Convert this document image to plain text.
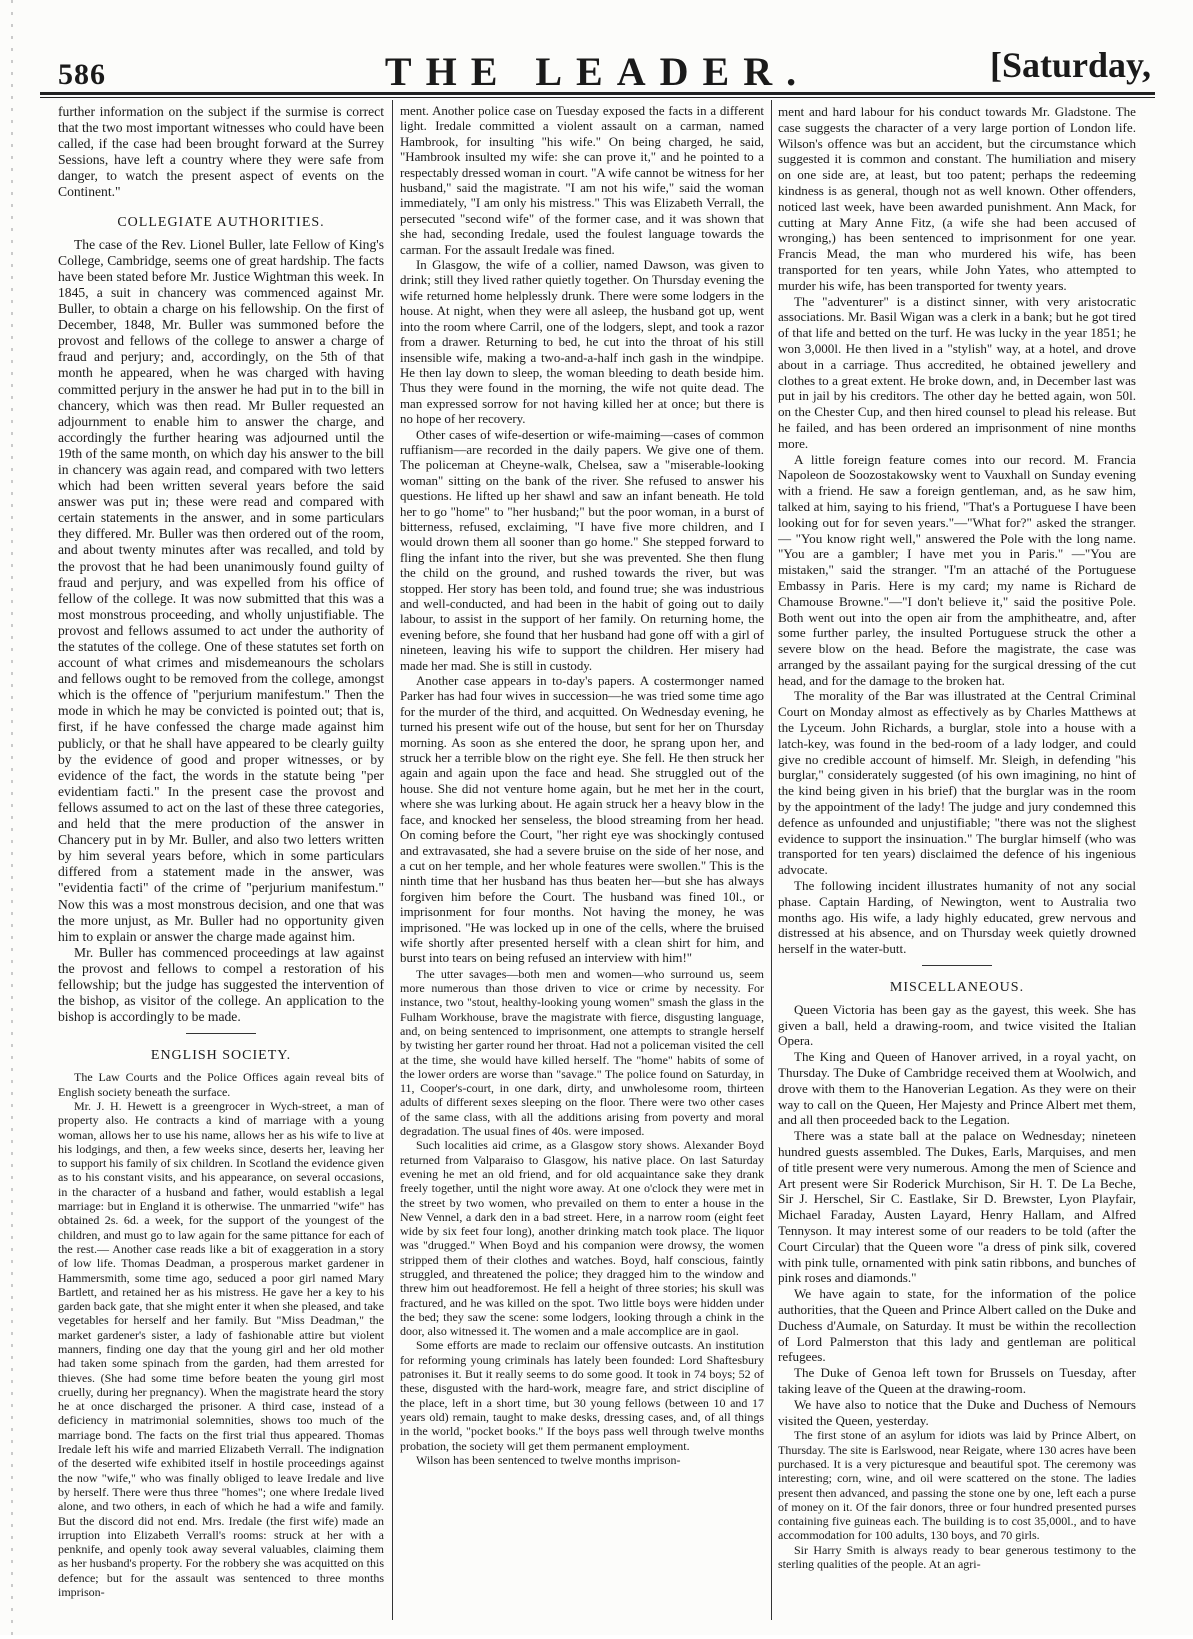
586	THE LEADER.	[Saturday,

further information on the subject if the surmise is correct that the two most important witnesses who could have been called, if the case had been brought forward at the Surrey Sessions, have left a country where they were safe from danger, to watch the present aspect of events on the Continent."

COLLEGIATE AUTHORITIES.

The case of the Rev. Lionel Buller, late Fellow of King's College, Cambridge, seems one of great hardship. The facts have been stated before Mr. Justice Wightman this week. In 1845, a suit in chancery was commenced against Mr. Buller, to obtain a charge on his fellowship. On the first of December, 1848, Mr. Buller was summoned before the provost and fellows of the college to answer a charge of fraud and perjury; and, accordingly, on the 5th of that month he appeared, when he was charged with having committed perjury in the answer he had put in to the bill in chancery, which was then read. Mr Buller requested an adjournment to enable him to answer the charge, and accordingly the further hearing was adjourned until the 19th of the same month, on which day his answer to the bill in chancery was again read, and compared with two letters which had been written several years before the said answer was put in; these were read and compared with certain statements in the answer, and in some particulars they differed. Mr. Buller was then ordered out of the room, and about twenty minutes after was recalled, and told by the provost that he had been unanimously found guilty of fraud and perjury, and was expelled from his office of fellow of the college. It was now submitted that this was a most monstrous proceeding, and wholly unjustifiable. The provost and fellows assumed to act under the authority of the statutes of the college. One of these statutes set forth on account of what crimes and misdemeanours the scholars and fellows ought to be removed from the college, amongst which is the offence of "perjurium manifestum." Then the mode in which he may be convicted is pointed out; that is, first, if he have confessed the charge made against him publicly, or that he shall have appeared to be clearly guilty by the evidence of good and proper witnesses, or by evidence of the fact, the words in the statute being "per evidentiam facti." In the present case the provost and fellows assumed to act on the last of these three categories, and held that the mere production of the answer in Chancery put in by Mr. Buller, and also two letters written by him several years before, which in some particulars differed from a statement made in the answer, was "evidentia facti" of the crime of "perjurium manifestum." Now this was a most monstrous decision, and one that was the more unjust, as Mr. Buller had no opportunity given him to explain or answer the charge made against him.

Mr. Buller has commenced proceedings at law against the provost and fellows to compel a restoration of his fellowship; but the judge has suggested the intervention of the bishop, as visitor of the college. An application to the bishop is accordingly to be made.

ENGLISH SOCIETY.

The Law Courts and the Police Offices again reveal bits of English society beneath the surface.

Mr. J. H. Hewett is a greengrocer in Wych-street, a man of property also. He contracts a kind of marriage with a young woman, allows her to use his name, allows her as his wife to live at his lodgings, and then, a few weeks since, deserts her, leaving her to support his family of six children. In Scotland the evidence given as to his constant visits, and his appearance, on several occasions, in the character of a husband and father, would establish a legal marriage: but in England it is otherwise. The unmarried "wife" has obtained 2s. 6d. a week, for the support of the youngest of the children, and must go to law again for the same pittance for each of the rest.— Another case reads like a bit of exaggeration in a story of low life. Thomas Deadman, a prosperous market gardener in Hammersmith, some time ago, seduced a poor girl named Mary Bartlett, and retained her as his mistress. He gave her a key to his garden back gate, that she might enter it when she pleased, and take vegetables for herself and her family. But "Miss Deadman," the market gardener's sister, a lady of fashionable attire but violent manners, finding one day that the young girl and her old mother had taken some spinach from the garden, had them arrested for thieves. (She had some time before beaten the young girl most cruelly, during her pregnancy). When the magistrate heard the story he at once discharged the prisoner. A third case, instead of a deficiency in matrimonial solemnities, shows too much of the marriage bond. The facts on the first trial thus appeared. Thomas Iredale left his wife and married Elizabeth Verrall. The indignation of the deserted wife exhibited itself in hostile proceedings against the now "wife," who was finally obliged to leave Iredale and live by herself. There were thus three "homes"; one where Iredale lived alone, and two others, in each of which he had a wife and family. But the discord did not end. Mrs. Iredale (the first wife) made an irruption into Elizabeth Verrall's rooms: struck at her with a penknife, and openly took away several valuables, claiming them as her husband's property. For the robbery she was acquitted on this defence; but for the assault was sentenced to three months imprison-

ment. Another police case on Tuesday exposed the facts in a different light. Iredale committed a violent assault on a carman, named Hambrook, for insulting "his wife." On being charged, he said, "Hambrook insulted my wife: she can prove it," and he pointed to a respectably dressed woman in court. "A wife cannot be witness for her husband," said the magistrate. "I am not his wife," said the woman immediately, "I am only his mistress." This was Elizabeth Verrall, the persecuted "second wife" of the former case, and it was shown that she had, seconding Iredale, used the foulest language towards the carman. For the assault Iredale was fined.

In Glasgow, the wife of a collier, named Dawson, was given to drink; still they lived rather quietly together. On Thursday evening the wife returned home helplessly drunk. There were some lodgers in the house. At night, when they were all asleep, the husband got up, went into the room where Carril, one of the lodgers, slept, and took a razor from a drawer. Returning to bed, he cut into the throat of his still insensible wife, making a two-and-a-half inch gash in the windpipe. He then lay down to sleep, the woman bleeding to death beside him. Thus they were found in the morning, the wife not quite dead. The man expressed sorrow for not having killed her at once; but there is no hope of her recovery.

Other cases of wife-desertion or wife-maiming—cases of common ruffianism—are recorded in the daily papers. We give one of them. The policeman at Cheyne-walk, Chelsea, saw a "miserable-looking woman" sitting on the bank of the river. She refused to answer his questions. He lifted up her shawl and saw an infant beneath. He told her to go "home" to "her husband;" but the poor woman, in a burst of bitterness, refused, exclaiming, "I have five more children, and I would drown them all sooner than go home." She stepped forward to fling the infant into the river, but she was prevented. She then flung the child on the ground, and rushed towards the river, but was stopped. Her story has been told, and found true; she was industrious and well-conducted, and had been in the habit of going out to daily labour, to assist in the support of her family. On returning home, the evening before, she found that her husband had gone off with a girl of nineteen, leaving his wife to support the children. Her misery had made her mad. She is still in custody.

Another case appears in to-day's papers. A costermonger named Parker has had four wives in succession—he was tried some time ago for the murder of the third, and acquitted. On Wednesday evening, he turned his present wife out of the house, but sent for her on Thursday morning. As soon as she entered the door, he sprang upon her, and struck her a terrible blow on the right eye. She fell. He then struck her again and again upon the face and head. She struggled out of the house. She did not venture home again, but he met her in the court, where she was lurking about. He again struck her a heavy blow in the face, and knocked her senseless, the blood streaming from her head. On coming before the Court, "her right eye was shockingly contused and extravasated, she had a severe bruise on the side of her nose, and a cut on her temple, and her whole features were swollen." This is the ninth time that her husband has thus beaten her—but she has always forgiven him before the Court. The husband was fined 10l., or imprisonment for four months. Not having the money, he was imprisoned. "He was locked up in one of the cells, where the bruised wife shortly after presented herself with a clean shirt for him, and burst into tears on being refused an interview with him!"

The utter savages—both men and women—who surround us, seem more numerous than those driven to vice or crime by necessity. For instance, two "stout, healthy-looking young women" smash the glass in the Fulham Workhouse, brave the magistrate with fierce, disgusting language, and, on being sentenced to imprisonment, one attempts to strangle herself by twisting her garter round her throat. Had not a policeman visited the cell at the time, she would have killed herself. The "home" habits of some of the lower orders are worse than "savage." The police found on Saturday, in 11, Cooper's-court, in one dark, dirty, and unwholesome room, thirteen adults of different sexes sleeping on the floor. There were two other cases of the same class, with all the additions arising from poverty and moral degradation. The usual fines of 40s. were imposed.

Such localities aid crime, as a Glasgow story shows. Alexander Boyd returned from Valparaiso to Glasgow, his native place. On last Saturday evening he met an old friend, and for old acquaintance sake they drank freely together, until the night wore away. At one o'clock they were met in the street by two women, who prevailed on them to enter a house in the New Vennel, a dark den in a bad street. Here, in a narrow room (eight feet wide by six feet four long), another drinking match took place. The liquor was "drugged." When Boyd and his companion were drowsy, the women stripped them of their clothes and watches. Boyd, half conscious, faintly struggled, and threatened the police; they dragged him to the window and threw him out headforemost. He fell a height of three stories; his skull was fractured, and he was killed on the spot. Two little boys were hidden under the bed; they saw the scene: some lodgers, looking through a chink in the door, also witnessed it. The women and a male accomplice are in gaol.

Some efforts are made to reclaim our offensive outcasts. An institution for reforming young criminals has lately been founded: Lord Shaftesbury patronises it. But it really seems to do some good. It took in 74 boys; 52 of these, disgusted with the hard-work, meagre fare, and strict discipline of the place, left in a short time, but 30 young fellows (between 10 and 17 years old) remain, taught to make desks, dressing cases, and, of all things in the world, "pocket books." If the boys pass well through twelve months probation, the society will get them permanent employment.

Wilson has been sentenced to twelve months imprison-

ment and hard labour for his conduct towards Mr. Gladstone. The case suggests the character of a very large portion of London life. Wilson's offence was but an accident, but the circumstance which suggested it is common and constant. The humiliation and misery on one side are, at least, but too patent; perhaps the redeeming kindness is as general, though not as well known. Other offenders, noticed last week, have been awarded punishment. Ann Mack, for cutting at Mary Anne Fitz, (a wife she had been accused of wronging,) has been sentenced to imprisonment for one year. Francis Mead, the man who murdered his wife, has been transported for ten years, while John Yates, who attempted to murder his wife, has been transported for twenty years.

The "adventurer" is a distinct sinner, with very aristocratic associations. Mr. Basil Wigan was a clerk in a bank; but he got tired of that life and betted on the turf. He was lucky in the year 1851; he won 3,000l. He then lived in a "stylish" way, at a hotel, and drove about in a carriage. Thus accredited, he obtained jewellery and clothes to a great extent. He broke down, and, in December last was put in jail by his creditors. The other day he betted again, won 50l. on the Chester Cup, and then hired counsel to plead his release. But he failed, and has been ordered an imprisonment of nine months more.

A little foreign feature comes into our record. M. Francia Napoleon de Soozostakowsky went to Vauxhall on Sunday evening with a friend. He saw a foreign gentleman, and, as he saw him, talked at him, saying to his friend, "That's a Portuguese I have been looking out for for seven years."—"What for?" asked the stranger.— "You know right well," answered the Pole with the long name. "You are a gambler; I have met you in Paris." —"You are mistaken," said the stranger. "I'm an attaché of the Portuguese Embassy in Paris. Here is my card; my name is Richard de Chamouse Browne."—"I don't believe it," said the positive Pole. Both went out into the open air from the amphitheatre, and, after some further parley, the insulted Portuguese struck the other a severe blow on the head. Before the magistrate, the case was arranged by the assailant paying for the surgical dressing of the cut head, and for the damage to the broken hat.

The morality of the Bar was illustrated at the Central Criminal Court on Monday almost as effectively as by Charles Matthews at the Lyceum. John Richards, a burglar, stole into a house with a latch-key, was found in the bed-room of a lady lodger, and could give no credible account of himself. Mr. Sleigh, in defending "his burglar," considerately suggested (of his own imagining, no hint of the kind being given in his brief) that the burglar was in the room by the appointment of the lady! The judge and jury condemned this defence as unfounded and unjustifiable; "there was not the slighest evidence to support the insinuation." The burglar himself (who was transported for ten years) disclaimed the defence of his ingenious advocate.

The following incident illustrates humanity of not any social phase. Captain Harding, of Newington, went to Australia two months ago. His wife, a lady highly educated, grew nervous and distressed at his absence, and on Thursday week quietly drowned herself in the water-butt.

MISCELLANEOUS.

Queen Victoria has been gay as the gayest, this week. She has given a ball, held a drawing-room, and twice visited the Italian Opera.

The King and Queen of Hanover arrived, in a royal yacht, on Thursday. The Duke of Cambridge received them at Woolwich, and drove with them to the Hanoverian Legation. As they were on their way to call on the Queen, Her Majesty and Prince Albert met them, and all then proceeded back to the Legation.

There was a state ball at the palace on Wednesday; nineteen hundred guests assembled. The Dukes, Earls, Marquises, and men of title present were very numerous. Among the men of Science and Art present were Sir Roderick Murchison, Sir H. T. De La Beche, Sir J. Herschel, Sir C. Eastlake, Sir D. Brewster, Lyon Playfair, Michael Faraday, Austen Layard, Henry Hallam, and Alfred Tennyson. It may interest some of our readers to be told (after the Court Circular) that the Queen wore "a dress of pink silk, covered with pink tulle, ornamented with pink satin ribbons, and bunches of pink roses and diamonds."

We have again to state, for the information of the police authorities, that the Queen and Prince Albert called on the Duke and Duchess d'Aumale, on Saturday. It must be within the recollection of Lord Palmerston that this lady and gentleman are political refugees.

The Duke of Genoa left town for Brussels on Tuesday, after taking leave of the Queen at the drawing-room.

We have also to notice that the Duke and Duchess of Nemours visited the Queen, yesterday.

The first stone of an asylum for idiots was laid by Prince Albert, on Thursday. The site is Earlswood, near Reigate, where 130 acres have been purchased. It is a very picturesque and beautiful spot. The ceremony was interesting; corn, wine, and oil were scattered on the stone. The ladies present then advanced, and passing the stone one by one, left each a purse of money on it. Of the fair donors, three or four hundred presented purses containing five guineas each. The building is to cost 35,000l., and to have accommodation for 100 adults, 130 boys, and 70 girls.

Sir Harry Smith is always ready to bear generous testimony to the sterling qualities of the people. At an agri-
